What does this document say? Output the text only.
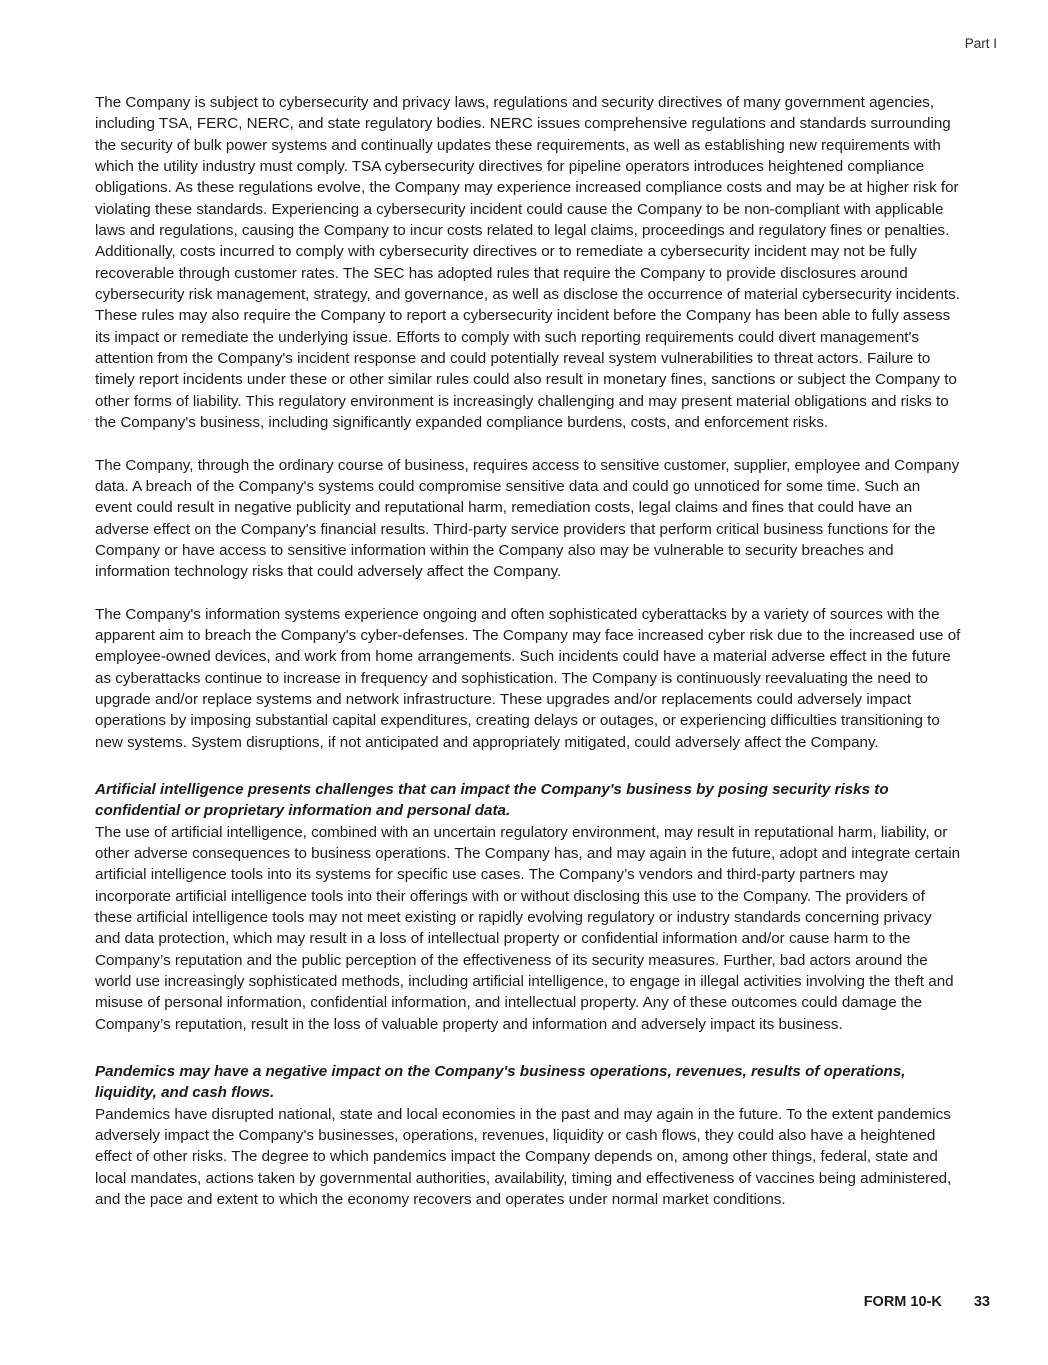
Part I
The Company is subject to cybersecurity and privacy laws, regulations and security directives of many government agencies, including TSA, FERC, NERC, and state regulatory bodies. NERC issues comprehensive regulations and standards surrounding the security of bulk power systems and continually updates these requirements, as well as establishing new requirements with which the utility industry must comply. TSA cybersecurity directives for pipeline operators introduces heightened compliance obligations. As these regulations evolve, the Company may experience increased compliance costs and may be at higher risk for violating these standards. Experiencing a cybersecurity incident could cause the Company to be non-compliant with applicable laws and regulations, causing the Company to incur costs related to legal claims, proceedings and regulatory fines or penalties. Additionally, costs incurred to comply with cybersecurity directives or to remediate a cybersecurity incident may not be fully recoverable through customer rates. The SEC has adopted rules that require the Company to provide disclosures around cybersecurity risk management, strategy, and governance, as well as disclose the occurrence of material cybersecurity incidents. These rules may also require the Company to report a cybersecurity incident before the Company has been able to fully assess its impact or remediate the underlying issue. Efforts to comply with such reporting requirements could divert management's attention from the Company's incident response and could potentially reveal system vulnerabilities to threat actors. Failure to timely report incidents under these or other similar rules could also result in monetary fines, sanctions or subject the Company to other forms of liability. This regulatory environment is increasingly challenging and may present material obligations and risks to the Company's business, including significantly expanded compliance burdens, costs, and enforcement risks.
The Company, through the ordinary course of business, requires access to sensitive customer, supplier, employee and Company data. A breach of the Company's systems could compromise sensitive data and could go unnoticed for some time. Such an event could result in negative publicity and reputational harm, remediation costs, legal claims and fines that could have an adverse effect on the Company's financial results. Third-party service providers that perform critical business functions for the Company or have access to sensitive information within the Company also may be vulnerable to security breaches and information technology risks that could adversely affect the Company.
The Company's information systems experience ongoing and often sophisticated cyberattacks by a variety of sources with the apparent aim to breach the Company's cyber-defenses. The Company may face increased cyber risk due to the increased use of employee-owned devices, and work from home arrangements. Such incidents could have a material adverse effect in the future as cyberattacks continue to increase in frequency and sophistication. The Company is continuously reevaluating the need to upgrade and/or replace systems and network infrastructure. These upgrades and/or replacements could adversely impact operations by imposing substantial capital expenditures, creating delays or outages, or experiencing difficulties transitioning to new systems. System disruptions, if not anticipated and appropriately mitigated, could adversely affect the Company.
Artificial intelligence presents challenges that can impact the Company's business by posing security risks to confidential or proprietary information and personal data.
The use of artificial intelligence, combined with an uncertain regulatory environment, may result in reputational harm, liability, or other adverse consequences to business operations. The Company has, and may again in the future, adopt and integrate certain artificial intelligence tools into its systems for specific use cases. The Company’s vendors and third-party partners may incorporate artificial intelligence tools into their offerings with or without disclosing this use to the Company. The providers of these artificial intelligence tools may not meet existing or rapidly evolving regulatory or industry standards concerning privacy and data protection, which may result in a loss of intellectual property or confidential information and/or cause harm to the Company’s reputation and the public perception of the effectiveness of its security measures. Further, bad actors around the world use increasingly sophisticated methods, including artificial intelligence, to engage in illegal activities involving the theft and misuse of personal information, confidential information, and intellectual property. Any of these outcomes could damage the Company’s reputation, result in the loss of valuable property and information and adversely impact its business.
Pandemics may have a negative impact on the Company's business operations, revenues, results of operations, liquidity, and cash flows.
Pandemics have disrupted national, state and local economies in the past and may again in the future. To the extent pandemics adversely impact the Company's businesses, operations, revenues, liquidity or cash flows, they could also have a heightened effect of other risks. The degree to which pandemics impact the Company depends on, among other things, federal, state and local mandates, actions taken by governmental authorities, availability, timing and effectiveness of vaccines being administered, and the pace and extent to which the economy recovers and operates under normal market conditions.
FORM 10-K 33
